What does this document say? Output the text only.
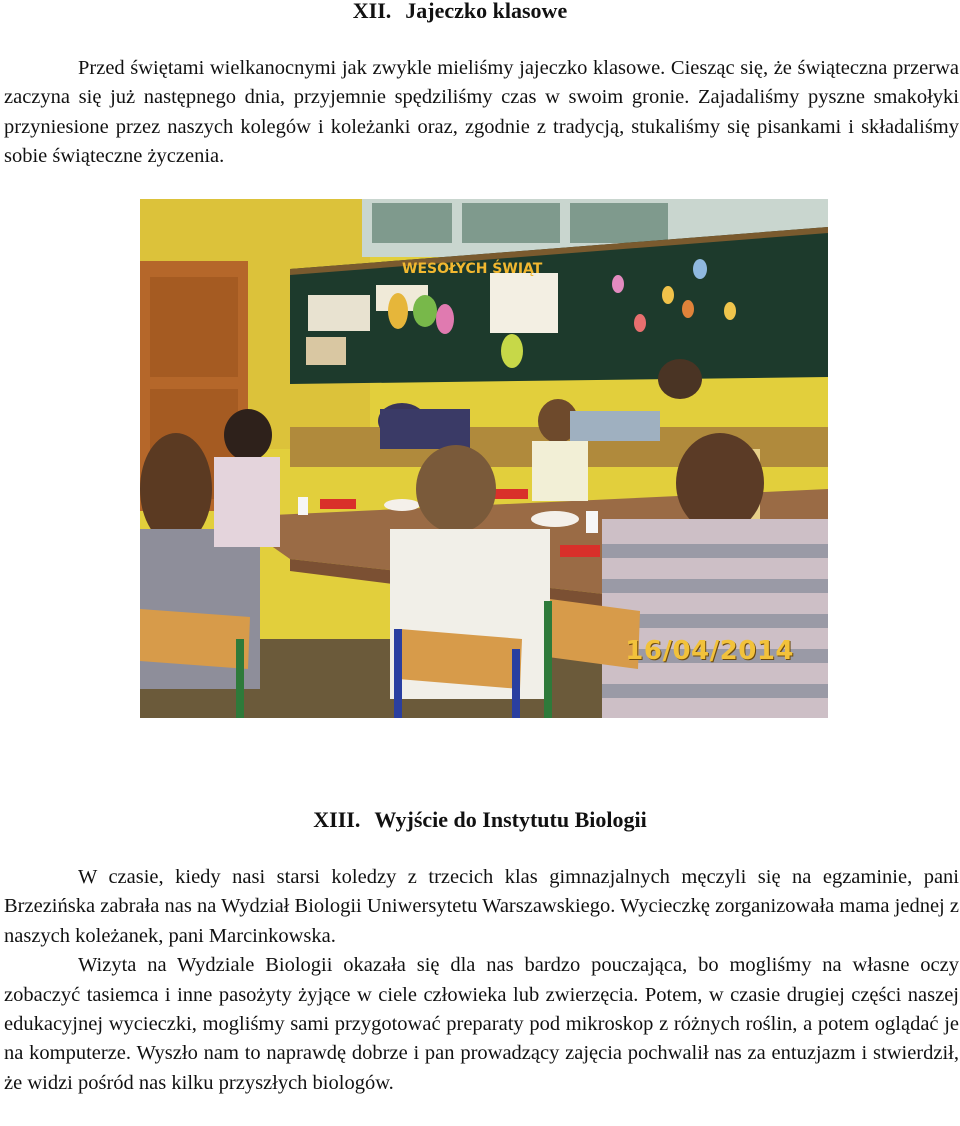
XII. Jajeczko klasowe

Przed świętami wielkanocnymi jak zwykle mieliśmy jajeczko klasowe. Ciesząc się, że świąteczna przerwa zaczyna się już następnego dnia, przyjemnie spędziliśmy czas w swoim gronie. Zajadaliśmy pyszne smakołyki przyniesione przez naszych kolegów i koleżanki oraz, zgodnie z tradycją, stukaliśmy się pisankami i składaliśmy sobie świąteczne życzenia.

WESOŁYCH ŚWIĄT
16/04/2014
XIII. Wyjście do Instytutu Biologii

W czasie, kiedy nasi starsi koledzy z trzecich klas gimnazjalnych męczyli się na egzaminie, pani Brzezińska zabrała nas na Wydział Biologii Uniwersytetu Warszawskiego. Wycieczkę zorganizowała mama jednej z naszych koleżanek, pani Marcinkowska.

Wizyta na Wydziale Biologii okazała się dla nas bardzo pouczająca, bo mogliśmy na własne oczy zobaczyć tasiemca i inne pasożyty żyjące w ciele człowieka lub zwierzęcia. Potem, w czasie drugiej części naszej edukacyjnej wycieczki, mogliśmy sami przygotować preparaty pod mikroskop z różnych roślin, a potem oglądać je na komputerze. Wyszło nam to naprawdę dobrze i pan prowadzący zajęcia pochwalił nas za entuzjazm i stwierdził, że widzi pośród nas kilku przyszłych biologów.
